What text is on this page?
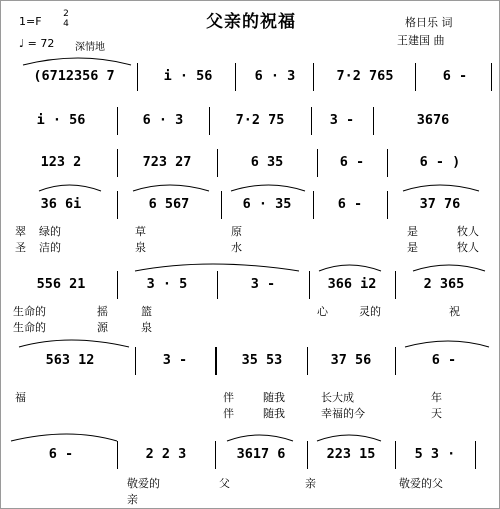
父亲的祝福
1=F
2
4
♩ = 72 深情地
格日乐 词
王建国 曲
(6712356 7	i · 56	6 · 3	7·2 765	6 -
i · 56	6 · 3	7·2 75	3 -	3676
123 2	723 27	6 35	6 -	6 - )
36 6i	6 567	6 · 35	6 -	37 76
翠 绿的	草	原	是	牧人
圣 洁的	泉	水	是	牧人
556 21	3 · 5	3 -	366 i2	2 365
生命的	摇	篮	心	灵的	祝
生命的	源	泉
563 12	3 -	35 53	37 56	6 -
福	伴	随我	长大成	年
伴	随我	幸福的今	天
6 -	2 2 3	3617 6	223 15	5 3 ·
敬爱的	父	亲	敬爱的父亲
